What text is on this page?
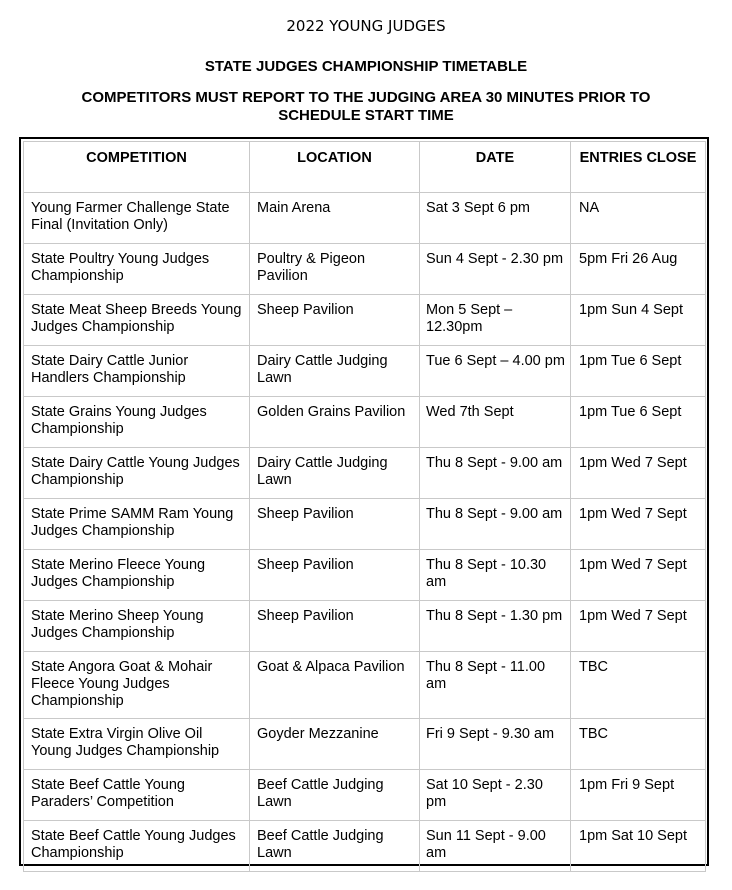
2022 YOUNG JUDGES
STATE JUDGES CHAMPIONSHIP TIMETABLE
COMPETITORS MUST REPORT TO THE JUDGING AREA 30 MINUTES PRIOR TO SCHEDULE START TIME
COMPETITION	LOCATION	DATE	ENTRIES CLOSE
Young Farmer Challenge State Final (Invitation Only)	Main Arena	Sat 3 Sept 6 pm	NA
State Poultry Young Judges Championship	Poultry & Pigeon Pavilion	Sun 4 Sept - 2.30 pm	5pm Fri 26 Aug
State Meat Sheep Breeds Young Judges Championship	Sheep Pavilion	Mon 5 Sept – 12.30pm	1pm Sun 4 Sept
State Dairy Cattle Junior Handlers Championship	Dairy Cattle Judging Lawn	Tue 6 Sept – 4.00 pm	1pm Tue 6 Sept
State Grains Young Judges Championship	Golden Grains Pavilion	Wed 7th Sept	1pm Tue 6 Sept
State Dairy Cattle Young Judges Championship	Dairy Cattle Judging Lawn	Thu 8 Sept - 9.00 am	1pm Wed 7 Sept
State Prime SAMM Ram Young Judges Championship	Sheep Pavilion	Thu 8 Sept - 9.00 am	1pm Wed 7 Sept
State Merino Fleece Young Judges Championship	Sheep Pavilion	Thu 8 Sept - 10.30 am	1pm Wed 7 Sept
State Merino Sheep Young Judges Championship	Sheep Pavilion	Thu 8 Sept - 1.30 pm	1pm Wed 7 Sept
State Angora Goat & Mohair Fleece Young Judges Championship	Goat & Alpaca Pavilion	Thu 8 Sept - 11.00 am	TBC
State Extra Virgin Olive Oil Young Judges Championship	Goyder Mezzanine	Fri 9 Sept - 9.30 am	TBC
State Beef Cattle Young Paraders’ Competition	Beef Cattle Judging Lawn	Sat 10 Sept - 2.30 pm	1pm Fri 9 Sept
State Beef Cattle Young Judges Championship	Beef Cattle Judging Lawn	Sun 11 Sept - 9.00 am	1pm Sat 10 Sept
